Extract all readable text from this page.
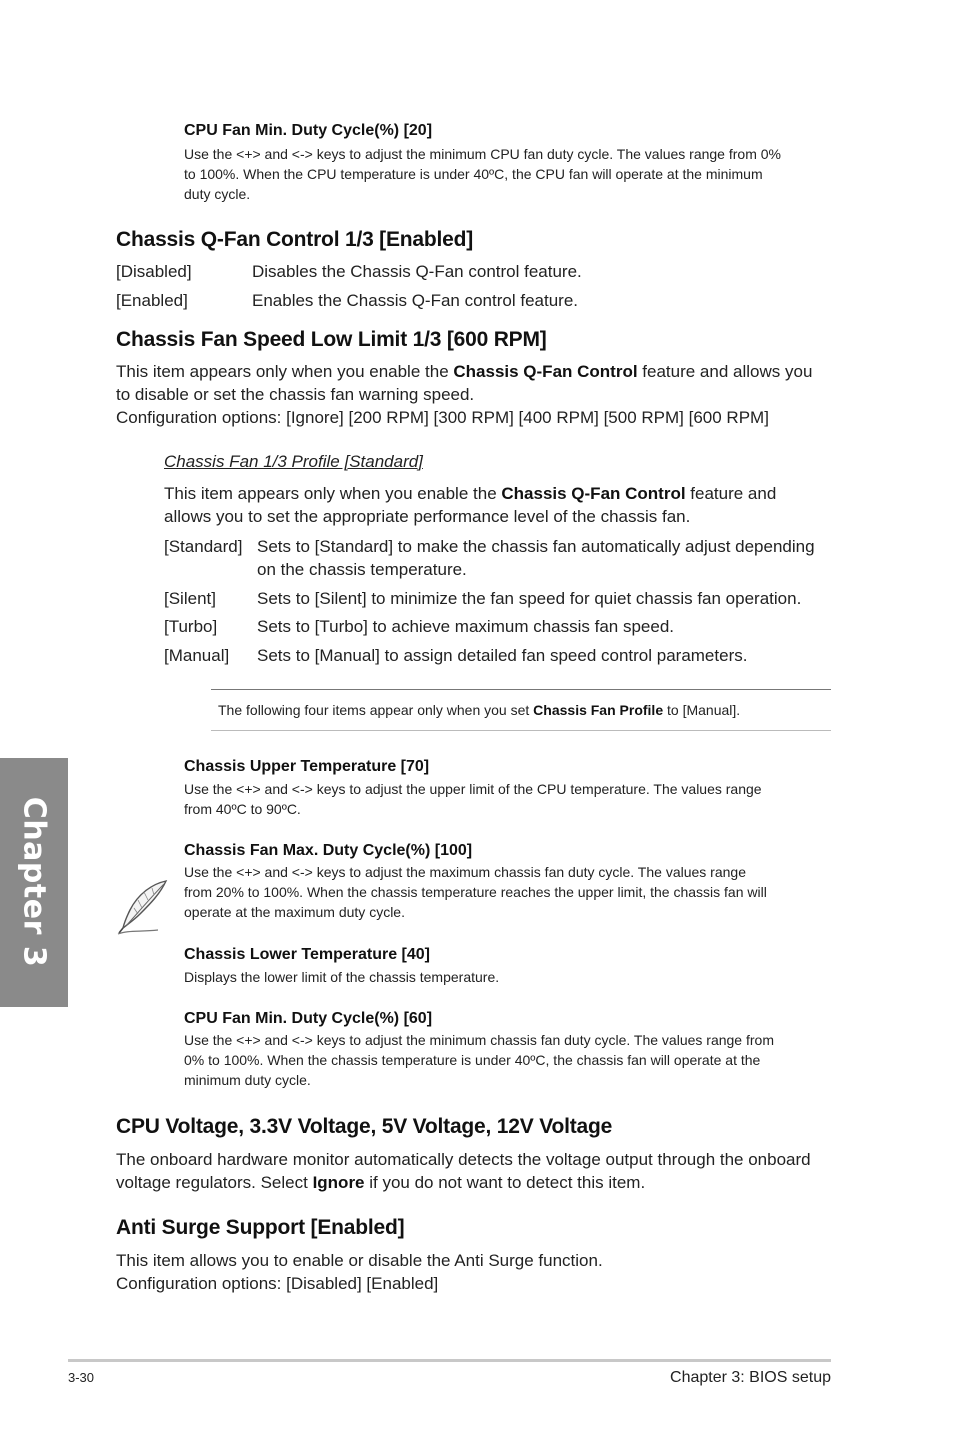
CPU Fan Min. Duty Cycle(%) [20]
Use the <+> and <-> keys to adjust the minimum CPU fan duty cycle. The values range from 0%
to 100%. When the CPU temperature is under 40ºC, the CPU fan will operate at the minimum
duty cycle.
Chassis Q-Fan Control 1/3 [Enabled]
[Disabled]	Disables the Chassis Q-Fan control feature.
[Enabled]	Enables the Chassis Q-Fan control feature.
Chassis Fan Speed Low Limit 1/3 [600 RPM]
This item appears only when you enable the Chassis Q-Fan Control feature and allows you
to disable or set the chassis fan warning speed.
Configuration options: [Ignore] [200 RPM] [300 RPM] [400 RPM] [500 RPM] [600 RPM]
Chassis Fan 1/3 Profile [Standard]
This item appears only when you enable the Chassis Q-Fan Control feature and
allows you to set the appropriate performance level of the chassis fan.
[Standard] Sets to [Standard] to make the chassis fan automatically adjust depending
on the chassis temperature.
[Silent] Sets to [Silent] to minimize the fan speed for quiet chassis fan operation.
[Turbo] Sets to [Turbo] to achieve maximum chassis fan speed.
[Manual] Sets to [Manual] to assign detailed fan speed control parameters.
The following four items appear only when you set Chassis Fan Profile to [Manual].
Chassis Upper Temperature [70]
Use the <+> and <-> keys to adjust the upper limit of the CPU temperature. The values range
from 40ºC to 90ºC.
Chassis Fan Max. Duty Cycle(%) [100]
Use the <+> and <-> keys to adjust the maximum chassis fan duty cycle. The values range
from 20% to 100%. When the chassis temperature reaches the upper limit, the chassis fan will
operate at the maximum duty cycle.
Chassis Lower Temperature [40]
Displays the lower limit of the chassis temperature.
CPU Fan Min. Duty Cycle(%) [60]
Use the <+> and <-> keys to adjust the minimum chassis fan duty cycle. The values range from
0% to 100%. When the chassis temperature is under 40ºC, the chassis fan will operate at the
minimum duty cycle.
CPU Voltage, 3.3V Voltage, 5V Voltage, 12V Voltage
The onboard hardware monitor automatically detects the voltage output through the onboard
voltage regulators. Select Ignore if you do not want to detect this item.
Anti Surge Support [Enabled]
This item allows you to enable or disable the Anti Surge function.
Configuration options: [Disabled] [Enabled]
Chapter 3
3-30	Chapter 3: BIOS setup
